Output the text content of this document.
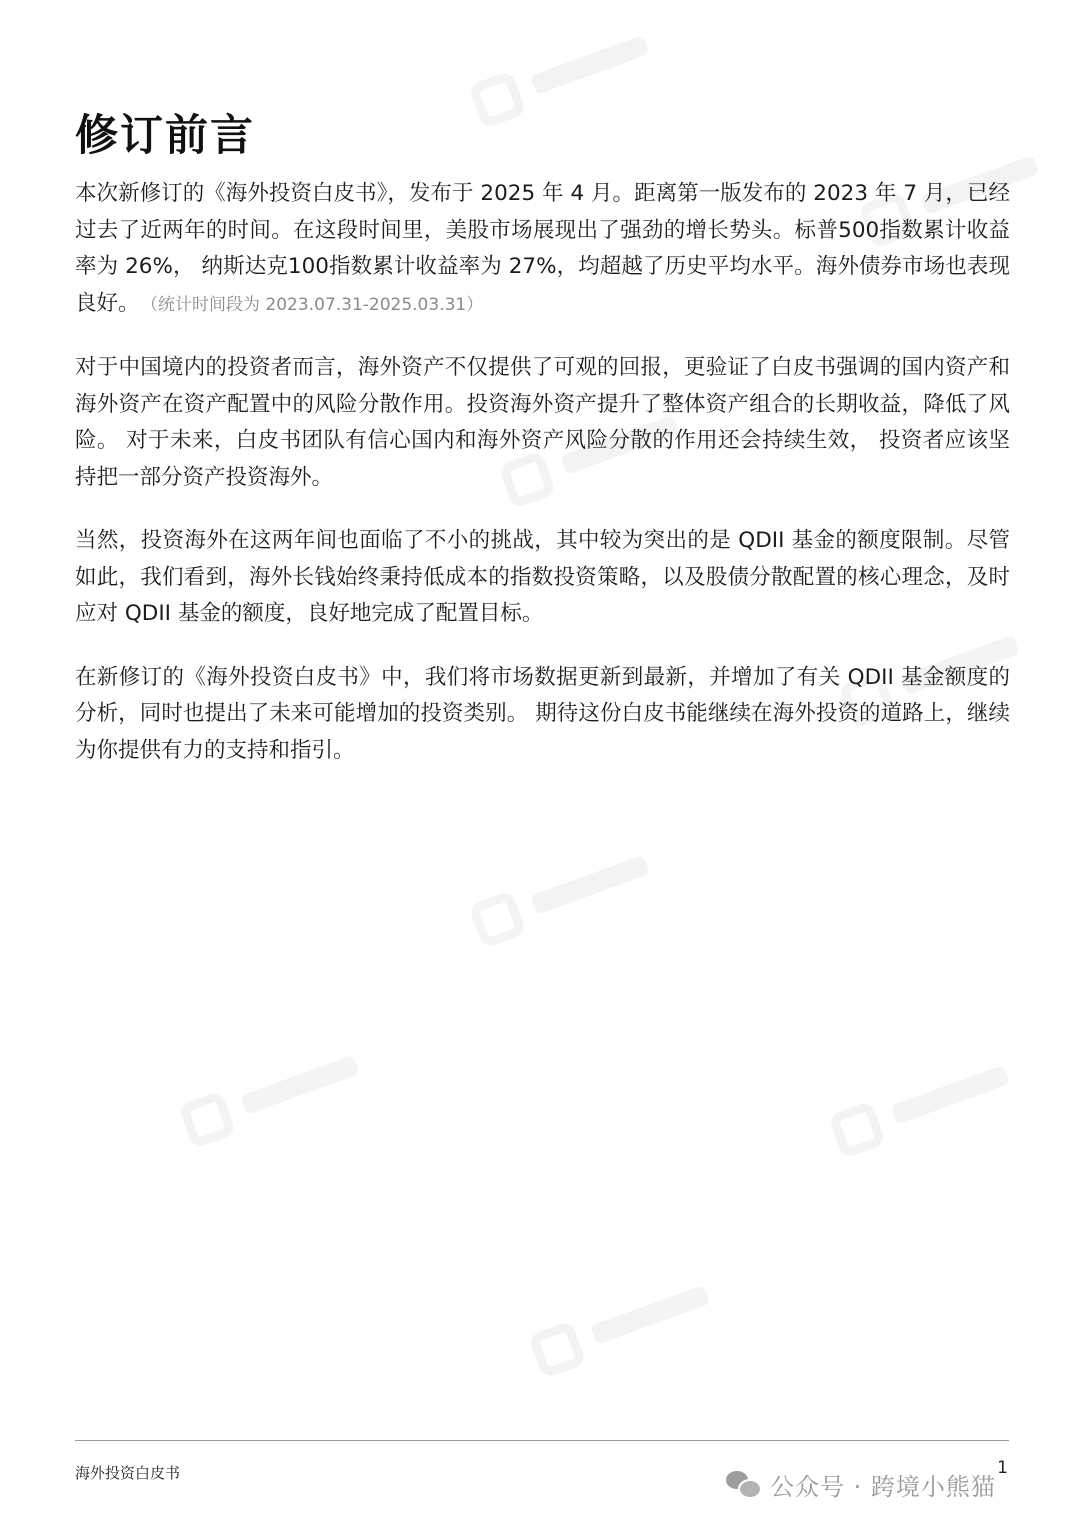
修订前言

本次新修订的《海外投资白皮书》，发布于 2025 年 4 月。距离第一版发布的 2023 年 7 月，已经过去了近两年的时间。在这段时间里，美股市场展现出了强劲的增长势头。标普500指数累计收益率为 26%， 纳斯达克100指数累计收益率为 27%，均超越了历史平均水平。海外债券市场也表现良好。 （统计时间段为 2023.07.31-2025.03.31）

对于中国境内的投资者而言，海外资产不仅提供了可观的回报，更验证了白皮书强调的国内资产和海外资产在资产配置中的风险分散作用。投资海外资产提升了整体资产组合的长期收益，降低了风险。 对于未来，白皮书团队有信心国内和海外资产风险分散的作用还会持续生效， 投资者应该坚持把一部分资产投资海外。

当然，投资海外在这两年间也面临了不小的挑战，其中较为突出的是 QDII 基金的额度限制。尽管如此，我们看到，海外长钱始终秉持低成本的指数投资策略，以及股债分散配置的核心理念，及时应对 QDII 基金的额度，良好地完成了配置目标。

在新修订的《海外投资白皮书》中，我们将市场数据更新到最新，并增加了有关 QDII 基金额度的分析，同时也提出了未来可能增加的投资类别。 期待这份白皮书能继续在海外投资的道路上，继续为你提供有力的支持和指引。

海外投资白皮书	1
公众号 · 跨境小熊猫
